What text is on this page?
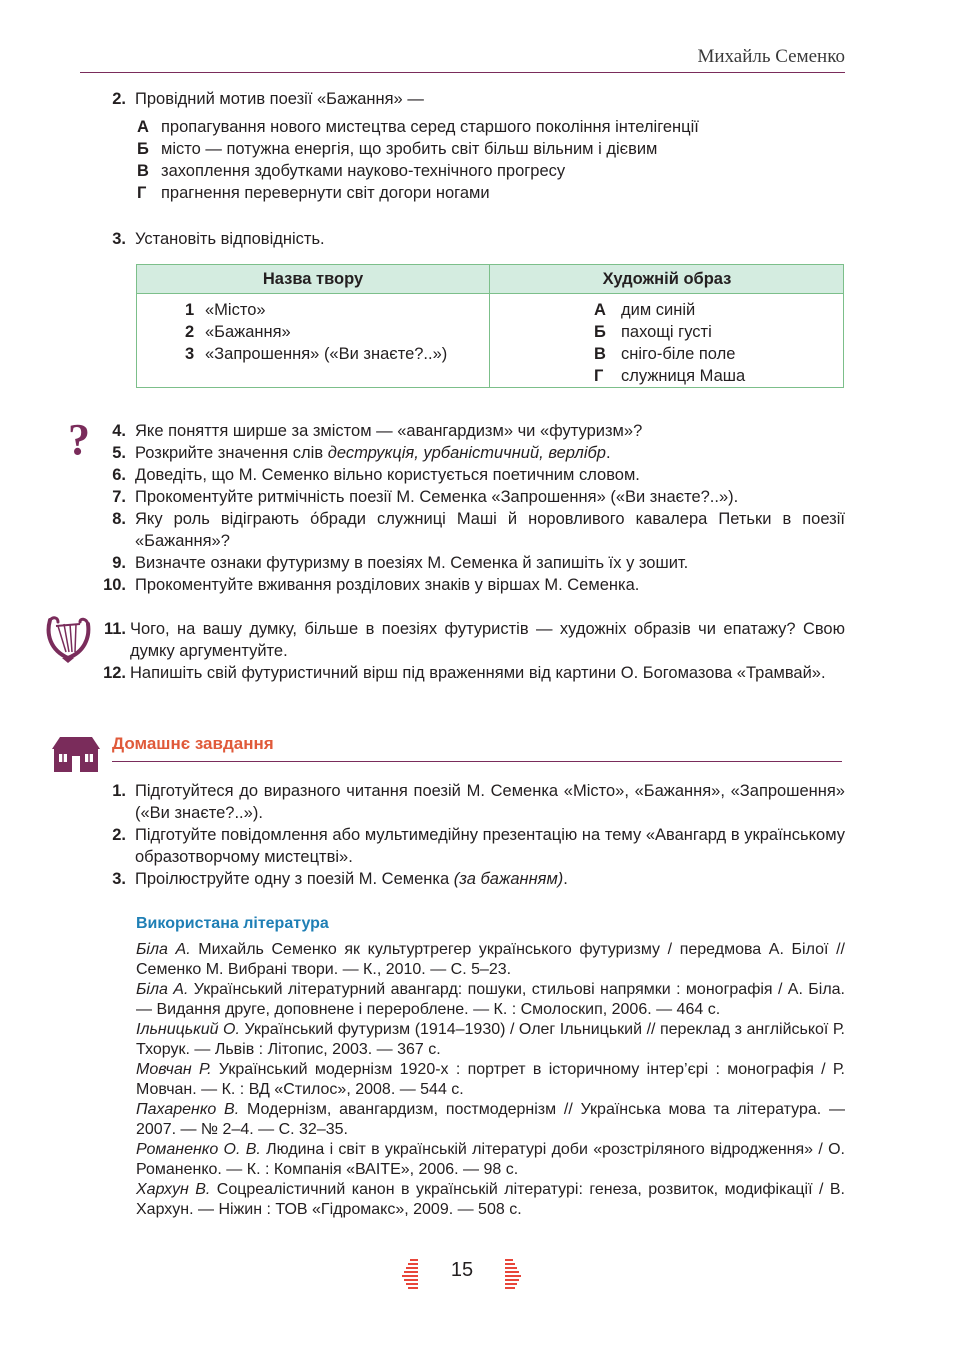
Михайль Семенко
2. Провідний мотив поезії «Бажання» —
А пропагування нового мистецтва серед старшого покоління інтелігенції
Б місто — потужна енергія, що зробить світ більш вільним і дієвим
В захоплення здобутками науково-технічного прогресу
Г прагнення перевернути світ догори ногами
3. Установіть відповідність.
Назва твору	Художній образ
1 «Місто»
2 «Бажання»
3 «Запрошення» («Ви знаєте?..»)
А дим синій
Б пахощі густі
В сніго-біле поле
Г служниця Маша
?	4. Яке поняття ширше за змістом — «авангардизм» чи «футуризм»?
5. Розкрийте значення слів деструкція, урбаністичний, верлібр.
6. Доведіть, що М. Семенко вільно користується поетичним словом.
7. Прокоментуйте ритмічність поезії М. Семенка «Запрошення» («Ви знаєте?..»).
8. Яку роль відіграють о́бради служниці Маші й норовливого кавалера Петьки в поезії «Бажання»?
9. Визначте ознаки футуризму в поезіях М. Семенка й запишіть їх у зошит.
10. Прокоментуйте вживання розділових знаків у віршах М. Семенка.
11. Чого, на вашу думку, більше в поезіях футуристів — художніх образів чи епатажу? Свою думку аргументуйте.
12. Напишіть свій футуристичний вірш під враженнями від картини О. Богомазова «Трамвай».
Домашнє завдання
1. Підготуйтеся до виразного читання поезій М. Семенка «Місто», «Бажання», «Запрошення» («Ви знаєте?..»).
2. Підготуйте повідомлення або мультимедійну презентацію на тему «Авангард в українському образотворчому мистецтві».
3. Проілюструйте одну з поезій М. Семенка (за бажанням).
Використана література
Біла А. Михайль Семенко як культуртрегер українського футуризму / передмова А. Білої // Семенко М. Вибрані твори. — К., 2010. — С. 5–23.
Біла А. Український літературний авангард: пошуки, стильові напрямки : монографія / А. Біла. — Видання друге, доповнене і перероблене. — К. : Смолоскип, 2006. — 464 с.
Ільницький О. Український футуризм (1914–1930) / Олег Ільницький // переклад з англійської Р. Тхорук. — Львів : Літопис, 2003. — 367 с.
Мовчан Р. Український модернізм 1920-х : портрет в історичному інтер’єрі : монографія / Р. Мовчан. — К. : ВД «Стилос», 2008. — 544 с.
Пахаренко В. Модернізм, авангардизм, постмодернізм // Українська мова та література. — 2007. — № 2–4. — С. 32–35.
Романенко О. В. Людина і світ в українській літературі доби «розстріляного відродження» / О. Романенко. — К. : Компанія «ВАІТЕ», 2006. — 98 с.
Хархун В. Соцреалістичний канон в українській літературі: генеза, розвиток, модифікації / В. Хархун. — Ніжин : ТОВ «Гідромакс», 2009. — 508 с.
15
